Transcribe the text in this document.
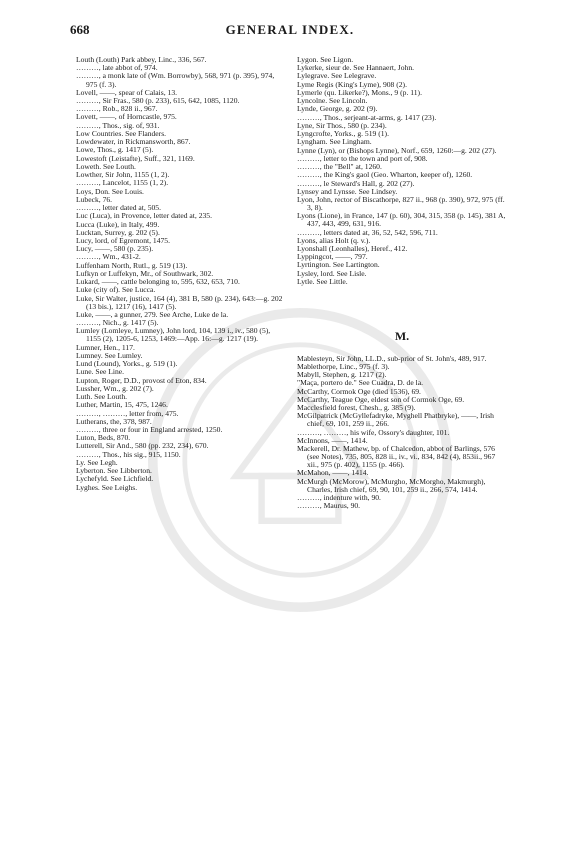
668	GENERAL INDEX.
Louth (Louth) Park abbey, Linc., 336, 567.
………, late abbot of, 974.
………, a monk late of (Wm. Borrowby), 568, 971 (p. 395), 974, 975 (f. 3).
Lovell, ——, spear of Calais, 13.
………, Sir Fras., 580 (p. 233), 615, 642, 1085, 1120.
………, Rob., 828 ii., 967.
Lovett, ——, of Horncastle, 975.
………, Thos., sig. of, 931.
Low Countries. See Flanders.
Lowdewater, in Rickmansworth, 867.
Lowe, Thos., g. 1417 (5).
Lowestoft (Leistafte), Suff., 321, 1169.
Loweth. See Louth.
Lowther, Sir John, 1155 (1, 2).
………, Lancelot, 1155 (1, 2).
Loys, Don. See Louis.
Lubeck, 76.
………, letter dated at, 505.
Luc (Luca), in Provence, letter dated at, 235.
Lucca (Luke), in Italy, 499.
Lucktan, Surrey, g. 202 (5).
Lucy, lord, of Egremont, 1475.
Lucy, ——, 580 (p. 235).
………, Wm., 431-2.
Luffenham North, Rutl., g. 519 (13).
Lufkyn or Luffekyn, Mr., of Southwark, 302.
Lukard, ——, cattle belonging to, 595, 632, 653, 710.
Luke (city of). See Lucca.
Luke, Sir Walter, justice, 164 (4), 381 B, 580 (p. 234), 643:—g. 202 (13 bis.), 1217 (16), 1417 (5).
Luke, ——, a gunner, 279. See Arche, Luke de la.
………, Nich., g. 1417 (5).
Lumley (Lomleye, Lumney), John lord, 104, 139 i., iv., 580 (5), 1155 (2), 1205-6, 1253, 1469:—App. 16:—g. 1217 (19).
Lumner, Hen., 117.
Lumney. See Lumley.
Lund (Lound), Yorks., g. 519 (1).
Lune. See Line.
Lupton, Roger, D.D., provost of Eton, 834.
Lussher, Wm., g. 202 (7).
Luth. See Louth.
Luther, Martin, 15, 475, 1246.
………, ………, letter from, 475.
Lutherans, the, 378, 987.
………, three or four in England arrested, 1250.
Luton, Beds, 870.
Lutterell, Sir And., 580 (pp. 232, 234), 670.
………, Thos., his sig., 915, 1150.
Ly. See Legh.
Lyberton. See Libberton.
Lychefyld. See Lichfield.
Lyghes. See Leighs.
Lygon. See Ligon.
Lykerke, sieur de. See Hannaert, John.
Lylegrave. See Lelegrave.
Lyme Regis (King's Lyme), 908 (2).
Lymerle (qu. Likerke?), Mons., 9 (p. 11).
Lyncolne. See Lincoln.
Lynde, George, g. 202 (9).
………, Thos., serjeant-at-arms, g. 1417 (23).
Lyne, Sir Thos., 580 (p. 234).
Lyngcrofte, Yorks., g. 519 (1).
Lyngham. See Lingham.
Lynne (Lyn), or (Bishops Lynne), Norf., 659, 1260:—g. 202 (27).
………, letter to the town and port of, 908.
………, the "Bell" at, 1260.
………, the King's gaol (Geo. Wharton, keeper of), 1260.
………, le Steward's Hall, g. 202 (27).
Lynsey and Lynsse. See Lindsey.
Lyon, John, rector of Biscathorpe, 827 ii., 968 (p. 390), 972, 975 (ff. 3, 8).
Lyons (Lione), in France, 147 (p. 60), 304, 315, 358 (p. 145), 381 A, 437, 443, 499, 631, 916.
………, letters dated at, 36, 52, 542, 596, 711.
Lyons, alias Holt (q. v.).
Lyonshall (Leonhalles), Heref., 412.
Lyppingcot, ——, 797.
Lyrtington. See Lartington.
Lysley, lord. See Lisle.
Lytle. See Little.
M.
Mablesteyn, Sir John, LL.D., sub-prior of St. John's, 489, 917.
Mablethorpe, Linc., 975 (f. 3).
Mabyll, Stephen, g. 1217 (2).
"Maça, portero de." See Cuadra, D. de la.
McCarthy, Cormok Oge (died 1536), 69.
McCarthy, Teague Oge, eldest son of Cormok Oge, 69.
Macclesfield forest, Chesh., g. 385 (9).
McGilpatrick (McGyllefadryke, Myghell Phatbryke), ——, Irish chief, 69, 101, 259 ii., 266.
………, ………, his wife, Ossory's daughter, 101.
McInnons, ——, 1414.
Mackerell, Dr. Mathew, bp. of Chalcedon, abbot of Barlings, 576 (see Notes), 735, 805, 828 ii., iv., vi., 834, 842 (4), 853ii., 967 xii., 975 (p. 402), 1155 (p. 466).
McMahon, ——, 1414.
McMurgh (McMorow), McMurgho, McMorgho, Makmurgh), Charles, Irish chief, 69, 90, 101, 259 ii., 266, 574, 1414.
………, indenture with, 90.
………, Maurus, 90.
